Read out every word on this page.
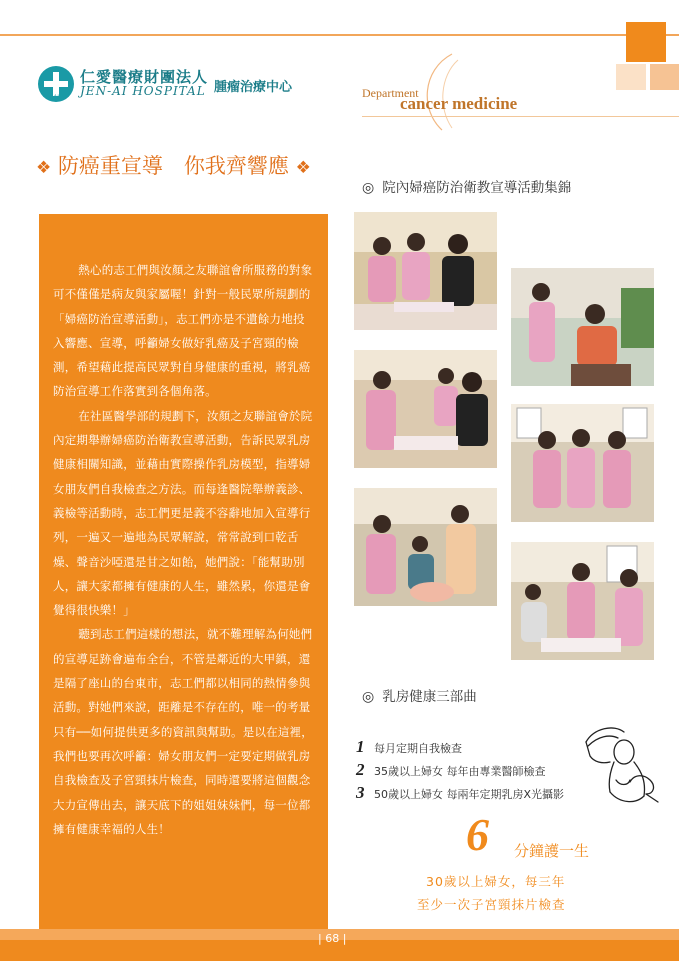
JAH
仁愛醫療財團法人
JEN-AI HOSPITAL 腫瘤治療中心	Department
cancer medicine
❖ 防癌重宣導　你我齊響應 ❖

熱心的志工們與汝顏之友聯誼會所服務的對象可不僅僅是病友與家屬喔！針對一般民眾所規劃的「婦癌防治宣導活動」，志工們亦是不遺餘力地投入響應、宣導，呼籲婦女做好乳癌及子宮頸的檢測，希望藉此提高民眾對自身健康的重視，將乳癌防治宣導工作落實到各個角落。

在社區醫學部的規劃下，汝顏之友聯誼會於院內定期舉辦婦癌防治衛教宣導活動，告訴民眾乳房健康相關知識，並藉由實際操作乳房模型，指導婦女朋友們自我檢查之方法。而每逢醫院舉辦義診、義檢等活動時，志工們更是義不容辭地加入宣導行列，一遍又一遍地為民眾解說，常常說到口乾舌燥、聲音沙啞還是甘之如飴，她們說：「能幫助別人，讓大家都擁有健康的人生，雖然累，你還是會覺得很快樂！」

聽到志工們這樣的想法，就不難理解為何她們的宣導足跡會遍布全台，不管是鄰近的大甲鎮，還是隔了座山的台東市，志工們都以相同的熱情參與活動。對她們來說，距離是不存在的，唯一的考量只有──如何提供更多的資訊與幫助。是以在這裡，我們也要再次呼籲：婦女朋友們一定要定期做乳房自我檢查及子宮頸抹片檢查，同時還要將這個觀念大力宣傳出去，讓天底下的姐姐妹妹們，每一位都擁有健康幸福的人生！

◎ 院內婦癌防治衛教宣導活動集錦
◎ 乳房健康三部曲
1 每月定期自我檢查
2 35歲以上婦女 每年由專業醫師檢查
3 50歲以上婦女 每兩年定期乳房X光攝影
6 分鐘護一生
30歲以上婦女，每三年
至少一次子宮頸抹片檢查
| 68 |
